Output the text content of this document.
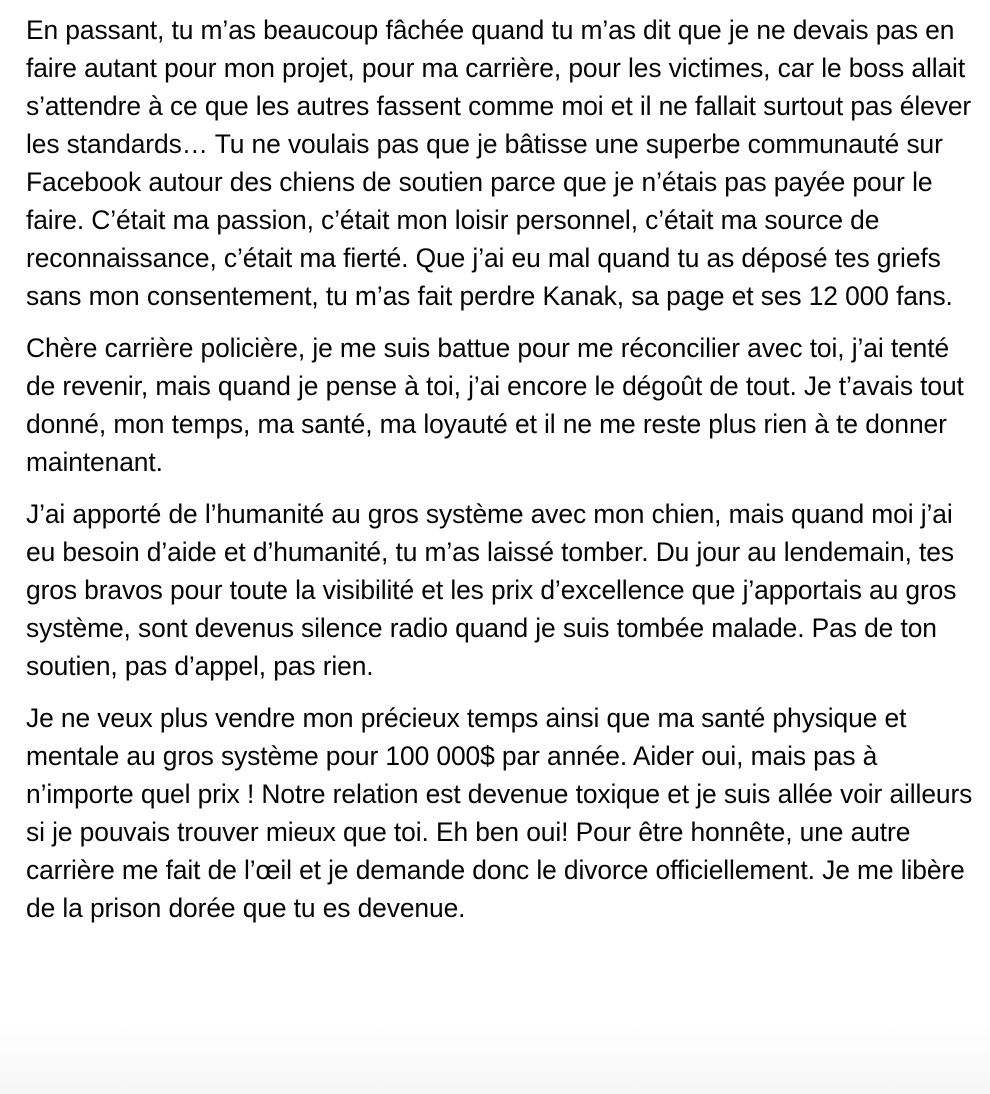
En passant, tu m’as beaucoup fâchée quand tu m’as dit que je ne devais pas en faire autant pour mon projet, pour ma carrière, pour les victimes, car le boss allait s’attendre à ce que les autres fassent comme moi et il ne fallait surtout pas élever les standards… Tu ne voulais pas que je bâtisse une superbe communauté sur Facebook autour des chiens de soutien parce que je n’étais pas payée pour le faire. C’était ma passion, c’était mon loisir personnel, c’était ma source de reconnaissance, c’était ma fierté. Que j’ai eu mal quand tu as déposé tes griefs sans mon consentement, tu m’as fait perdre Kanak, sa page et ses 12 000 fans.

Chère carrière policière, je me suis battue pour me réconcilier avec toi, j’ai tenté de revenir, mais quand je pense à toi, j’ai encore le dégoût de tout. Je t’avais tout donné, mon temps, ma santé, ma loyauté et il ne me reste plus rien à te donner maintenant.

J’ai apporté de l’humanité au gros système avec mon chien, mais quand moi j’ai eu besoin d’aide et d’humanité, tu m’as laissé tomber. Du jour au lendemain, tes gros bravos pour toute la visibilité et les prix d’excellence que j’apportais au gros système, sont devenus silence radio quand je suis tombée malade. Pas de ton soutien, pas d’appel, pas rien.

Je ne veux plus vendre mon précieux temps ainsi que ma santé physique et mentale au gros système pour 100 000$ par année. Aider oui, mais pas à n’importe quel prix ! Notre relation est devenue toxique et je suis allée voir ailleurs si je pouvais trouver mieux que toi. Eh ben oui! Pour être honnête, une autre carrière me fait de l’œil et je demande donc le divorce officiellement. Je me libère de la prison dorée que tu es devenue.
